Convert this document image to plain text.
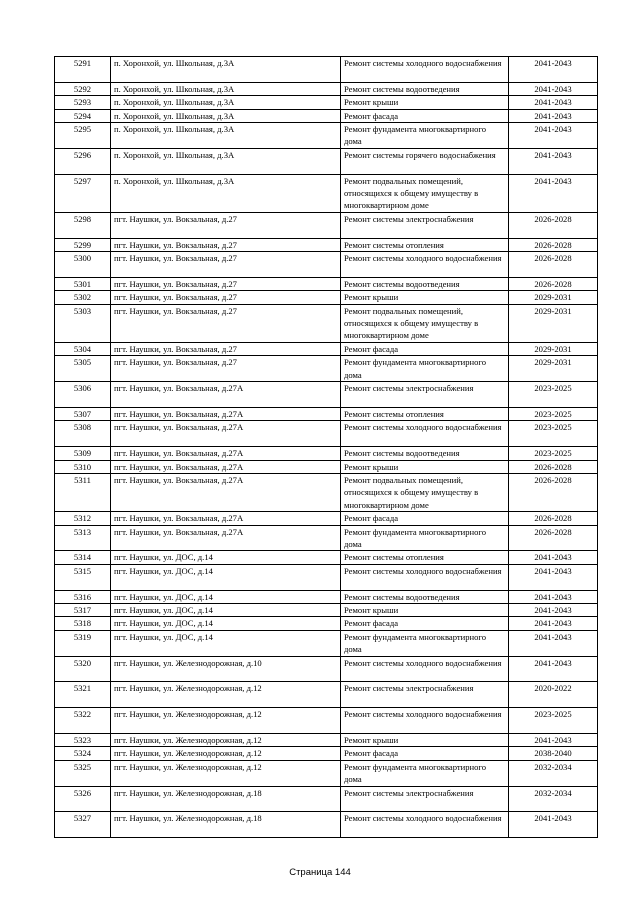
5291	п. Хоронхой, ул. Школьная, д.3А	Ремонт системы холодного водоснабжения	2041-2043
5292	п. Хоронхой, ул. Школьная, д.3А	Ремонт системы водоотведения	2041-2043
5293	п. Хоронхой, ул. Школьная, д.3А	Ремонт крыши	2041-2043
5294	п. Хоронхой, ул. Школьная, д.3А	Ремонт фасада	2041-2043
5295	п. Хоронхой, ул. Школьная, д.3А	Ремонт фундамента многоквартирного дома	2041-2043
5296	п. Хоронхой, ул. Школьная, д.3А	Ремонт системы горячего водоснабжения	2041-2043
5297	п. Хоронхой, ул. Школьная, д.3А	Ремонт подвальных помещений, относящихся к общему имуществу в многоквартирном доме	2041-2043
5298	пгт. Наушки, ул. Вокзальная, д.27	Ремонт системы электроснабжения	2026-2028
5299	пгт. Наушки, ул. Вокзальная, д.27	Ремонт системы отопления	2026-2028
5300	пгт. Наушки, ул. Вокзальная, д.27	Ремонт системы холодного водоснабжения	2026-2028
5301	пгт. Наушки, ул. Вокзальная, д.27	Ремонт системы водоотведения	2026-2028
5302	пгт. Наушки, ул. Вокзальная, д.27	Ремонт крыши	2029-2031
5303	пгт. Наушки, ул. Вокзальная, д.27	Ремонт подвальных помещений, относящихся к общему имуществу в многоквартирном доме	2029-2031
5304	пгт. Наушки, ул. Вокзальная, д.27	Ремонт фасада	2029-2031
5305	пгт. Наушки, ул. Вокзальная, д.27	Ремонт фундамента многоквартирного дома	2029-2031
5306	пгт. Наушки, ул. Вокзальная, д.27А	Ремонт системы электроснабжения	2023-2025
5307	пгт. Наушки, ул. Вокзальная, д.27А	Ремонт системы отопления	2023-2025
5308	пгт. Наушки, ул. Вокзальная, д.27А	Ремонт системы холодного водоснабжения	2023-2025
5309	пгт. Наушки, ул. Вокзальная, д.27А	Ремонт системы водоотведения	2023-2025
5310	пгт. Наушки, ул. Вокзальная, д.27А	Ремонт крыши	2026-2028
5311	пгт. Наушки, ул. Вокзальная, д.27А	Ремонт подвальных помещений, относящихся к общему имуществу в многоквартирном доме	2026-2028
5312	пгт. Наушки, ул. Вокзальная, д.27А	Ремонт фасада	2026-2028
5313	пгт. Наушки, ул. Вокзальная, д.27А	Ремонт фундамента многоквартирного дома	2026-2028
5314	пгт. Наушки, ул. ДОС, д.14	Ремонт системы отопления	2041-2043
5315	пгт. Наушки, ул. ДОС, д.14	Ремонт системы холодного водоснабжения	2041-2043
5316	пгт. Наушки, ул. ДОС, д.14	Ремонт системы водоотведения	2041-2043
5317	пгт. Наушки, ул. ДОС, д.14	Ремонт крыши	2041-2043
5318	пгт. Наушки, ул. ДОС, д.14	Ремонт фасада	2041-2043
5319	пгт. Наушки, ул. ДОС, д.14	Ремонт фундамента многоквартирного дома	2041-2043
5320	пгт. Наушки, ул. Железнодорожная, д.10	Ремонт системы холодного водоснабжения	2041-2043
5321	пгт. Наушки, ул. Железнодорожная, д.12	Ремонт системы электроснабжения	2020-2022
5322	пгт. Наушки, ул. Железнодорожная, д.12	Ремонт системы холодного водоснабжения	2023-2025
5323	пгт. Наушки, ул. Железнодорожная, д.12	Ремонт крыши	2041-2043
5324	пгт. Наушки, ул. Железнодорожная, д.12	Ремонт фасада	2038-2040
5325	пгт. Наушки, ул. Железнодорожная, д.12	Ремонт фундамента многоквартирного дома	2032-2034
5326	пгт. Наушки, ул. Железнодорожная, д.18	Ремонт системы электроснабжения	2032-2034
5327	пгт. Наушки, ул. Железнодорожная, д.18	Ремонт системы холодного водоснабжения	2041-2043
Страница 144
